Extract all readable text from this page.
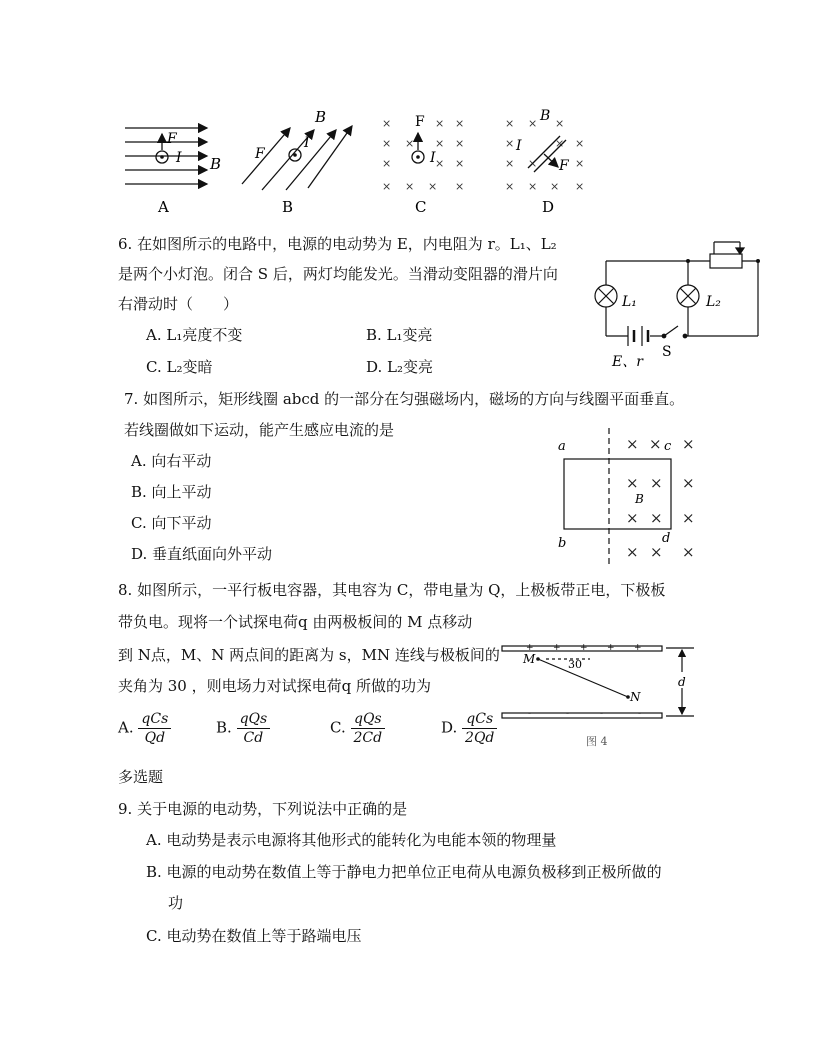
F
I B
A
F
I
B
B
×	× ×
× × × ×
×	× ×
× × × ×
F
I
C
× × ×
×	× ×
× ×	×
× × × ×
B
I
F
D
6. 在如图所示的电路中，电源的电动势为 E，内电阻为 r。L₁、L₂
是两个小灯泡。闭合 S 后，两灯均能发光。当滑动变阻器的滑片向
右滑动时（　　）
A. L₁亮度不变	B. L₁变亮
C. L₂变暗	D. L₂变亮
L₁	L₂
E、r
S
7. 如图所示，矩形线圈 abcd 的一部分在匀强磁场内，磁场的方向与线圈平面垂直。
若线圈做如下运动，能产生感应电流的是
A. 向右平动
B. 向上平动
C. 向下平动
D. 垂直纸面向外平动
× × ×
× × ×
× × ×
× × ×
a
b
c
d
B
8. 如图所示，一平行板电容器，其电容为 C，带电量为 Q，上极板带正电，下极板
带负电。现将一个试探电荷q 由两极板间的 M 点移动
到 N点，M、N 两点间的距离为 s，MN 连线与极板间的
夹角为 30 ，则电场力对试探电荷q 所做的功为
A. $\frac{\text{qCs}}{Qd}$	B. $\frac{\text{qQs}}{Cd}$	C. $\frac{\text{qQs}}{2Cd}$	D. $\frac{\text{qCs}}{2Qd}$
+ + + + +
-	-	-	-
M
N
30
d
图 4
多选题
9. 关于电源的电动势，下列说法中正确的是
A. 电动势是表示电源将其他形式的能转化为电能本领的物理量
B. 电源的电动势在数值上等于静电力把单位正电荷从电源负极移到正极所做的
功
C. 电动势在数值上等于路端电压
